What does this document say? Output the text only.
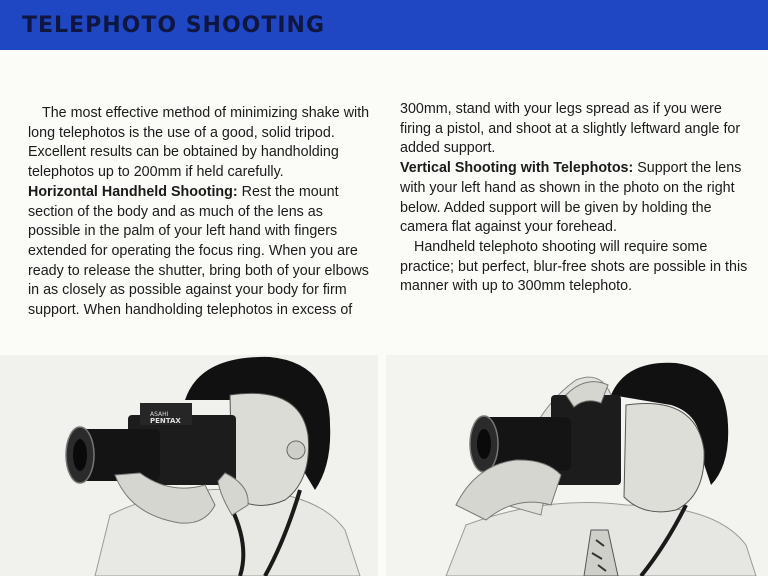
TELEPHOTO SHOOTING

The most effective method of minimizing shake with long telephotos is the use of a good, solid tripod. Excellent results can be obtained by handholding telephotos up to 200mm if held carefully.

Horizontal Handheld Shooting: Rest the mount section of the body and as much of the lens as possible in the palm of your left hand with fingers extended for operating the focus ring. When you are ready to release the shutter, bring both of your elbows in as closely as possible against your body for firm support. When handholding telephotos in excess of

300mm, stand with your legs spread as if you were firing a pistol, and shoot at a slightly leftward angle for added support.

Vertical Shooting with Telephotos: Support the lens with your left hand as shown in the photo on the right below. Added support will be given by holding the camera flat against your forehead.

Handheld telephoto shooting will require some practice; but perfect, blur-free shots are possible in this manner with up to 300mm telephoto.

ASAHI
PENTAX
